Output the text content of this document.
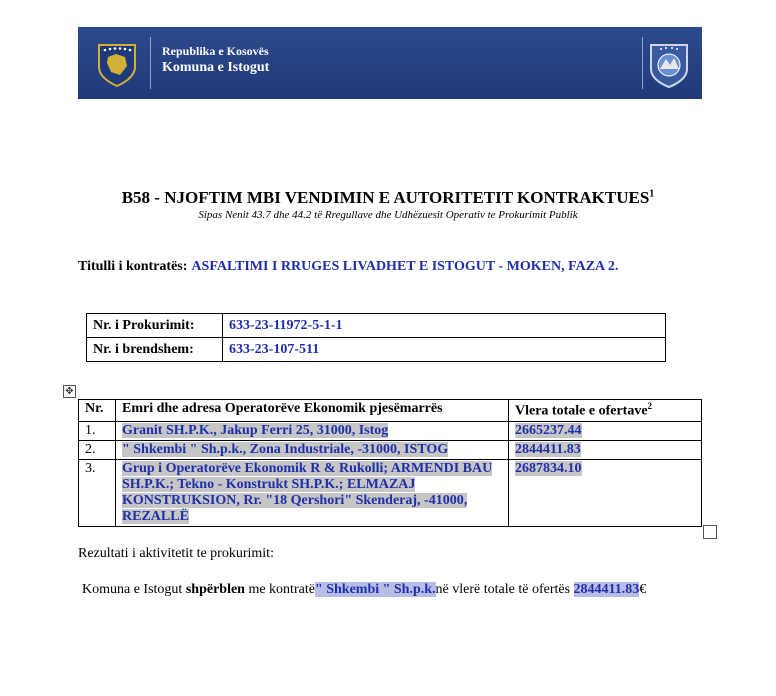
Republika e Kosovës
Komuna e Istogut
B58 - NJOFTIM MBI VENDIMIN E AUTORITETIT KONTRAKTUES$^1$
Sipas Nenit 43.7 dhe 44.2 të Rregullave dhe Udhëzuesit Operativ te Prokurimit Publik
Titulli i kontratës: ASFALTIMI I RRUGES LIVADHET E ISTOGUT - MOKEN, FAZA 2.
Nr. i Prokurimit:	633-23-11972-5-1-1
Nr. i brendshem:	633-23-107-511
✥
Nr.	Emri dhe adresa Operatorëve Ekonomik pjesëmarrës	Vlera totale e ofertave$^2$
1.	Granit SH.P.K., Jakup Ferri 25, 31000, Istog	2665237.44
2.	" Shkembi " Sh.p.k., Zona Industriale, -31000, ISTOG	2844411.83
3.	Grup i Operatorëve Ekonomik R & Rukolli; ARMENDI BAU SH.P.K.; Tekno - Konstrukt SH.P.K.; ELMAZAJ KONSTRUKSION, Rr. "18 Qershori" Skenderaj, -41000, REZALLË	2687834.10
Rezultati i aktivitetit te prokurimit:
Komuna e Istogut shpërblen me kontratë" Shkembi " Sh.p.k.në vlerë totale të ofertës 2844411.83€
